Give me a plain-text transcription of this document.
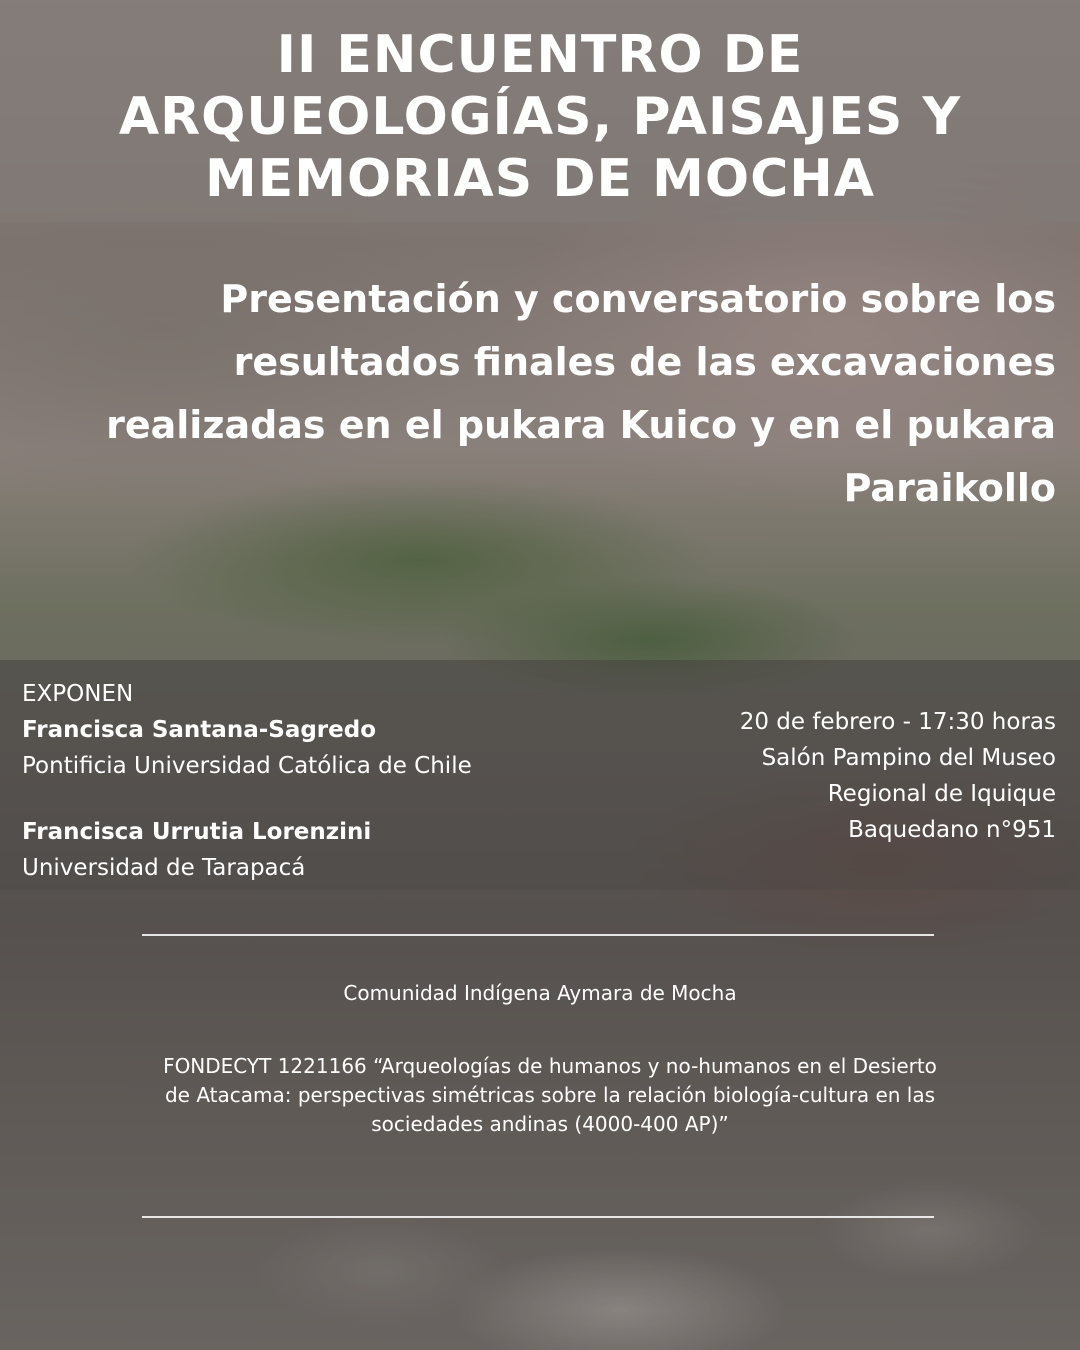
II ENCUENTRO DE ARQUEOLOGÍAS, PAISAJES Y MEMORIAS DE MOCHA
Presentación y conversatorio sobre los resultados finales de las excavaciones realizadas en el pukara Kuico y en el pukara Paraikollo
EXPONEN
Francisca Santana-Sagredo
Pontificia Universidad Católica de Chile
Francisca Urrutia Lorenzini
Universidad de Tarapacá
20 de febrero - 17:30 horas
Salón Pampino del Museo
Regional de Iquique
Baquedano n°951
Comunidad Indígena Aymara de Mocha
FONDECYT 1221166 “Arqueologías de humanos y no-humanos en el Desierto de Atacama: perspectivas simétricas sobre la relación biología-cultura en las sociedades andinas (4000-400 AP)”
